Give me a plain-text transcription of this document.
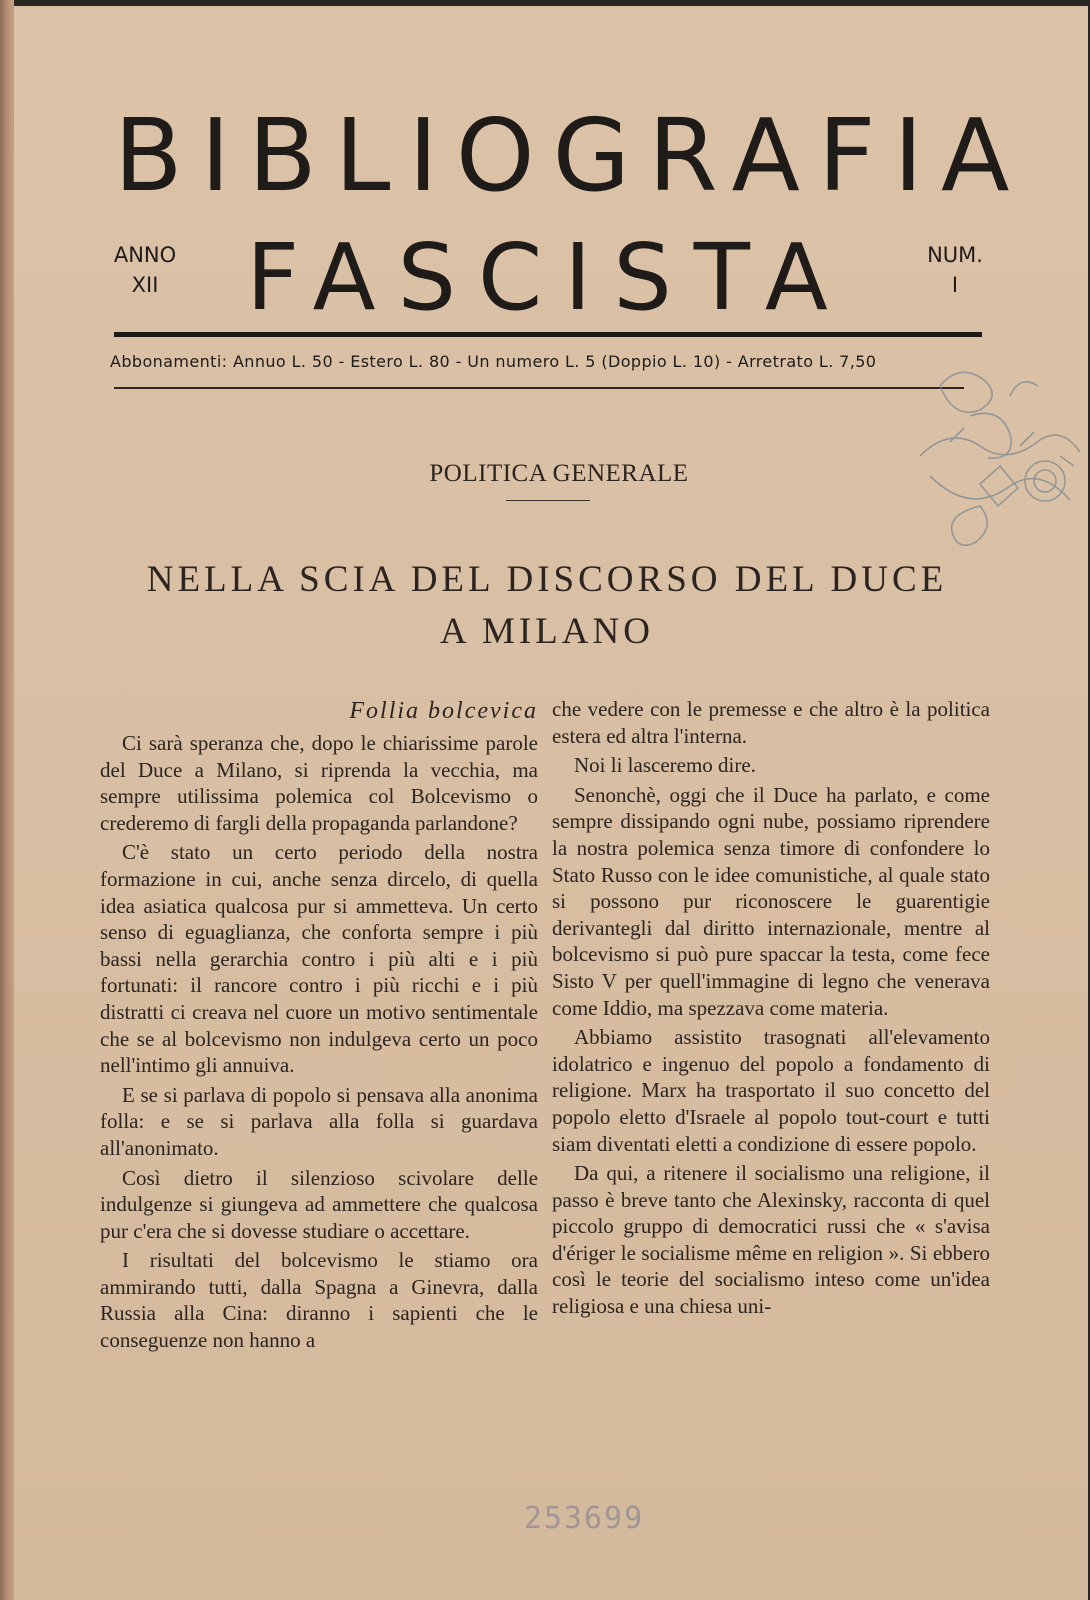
BIBLIOGRAFIA
ANNO
XII FASCISTA	NUM.
I
Abbonamenti: Annuo L. 50 - Estero L. 80 - Un numero L. 5 (Doppio L. 10) - Arretrato L. 7,50
POLITICA GENERALE
NELLA SCIA DEL DISCORSO DEL DUCE
A MILANO
Follia bolcevica

Ci sarà speranza che, dopo le chiarissime parole del Duce a Milano, si riprenda la vecchia, ma sempre utilissima polemica col Bolcevismo o crederemo di fargli della propaganda parlandone?

C'è stato un certo periodo della nostra formazione in cui, anche senza dircelo, di quella idea asiatica qualcosa pur si ammetteva. Un certo senso di eguaglianza, che conforta sempre i più bassi nella gerarchia contro i più alti e i più fortunati: il rancore contro i più ricchi e i più distratti ci creava nel cuore un motivo sentimentale che se al bolcevismo non indulgeva certo un poco nell'intimo gli annuiva.

E se si parlava di popolo si pensava alla anonima folla: e se si parlava alla folla si guardava all'anonimato.

Così dietro il silenzioso scivolare delle indulgenze si giungeva ad ammettere che qualcosa pur c'era che si dovesse studiare o accettare.

I risultati del bolcevismo le stiamo ora ammirando tutti, dalla Spagna a Ginevra, dalla Russia alla Cina: diranno i sapienti che le conseguenze non hanno a

che vedere con le premesse e che altro è la politica estera ed altra l'interna.

Noi li lasceremo dire.

Senonchè, oggi che il Duce ha parlato, e come sempre dissipando ogni nube, possiamo riprendere la nostra polemica senza timore di confondere lo Stato Russo con le idee comunistiche, al quale stato si possono pur riconoscere le guarentigie derivantegli dal diritto internazionale, mentre al bolcevismo si può pure spaccar la testa, come fece Sisto V per quell'immagine di legno che venerava come Iddio, ma spezzava come materia.

Abbiamo assistito trasognati all'elevamento idolatrico e ingenuo del popolo a fondamento di religione. Marx ha trasportato il suo concetto del popolo eletto d'Israele al popolo tout-court e tutti siam diventati eletti a condizione di essere popolo.

Da qui, a ritenere il socialismo una religione, il passo è breve tanto che Alexinsky, racconta di quel piccolo gruppo di democratici russi che « s'avisa d'ériger le socialisme même en religion ». Si ebbero così le teorie del socialismo inteso come un'idea religiosa e una chiesa uni-

253699
